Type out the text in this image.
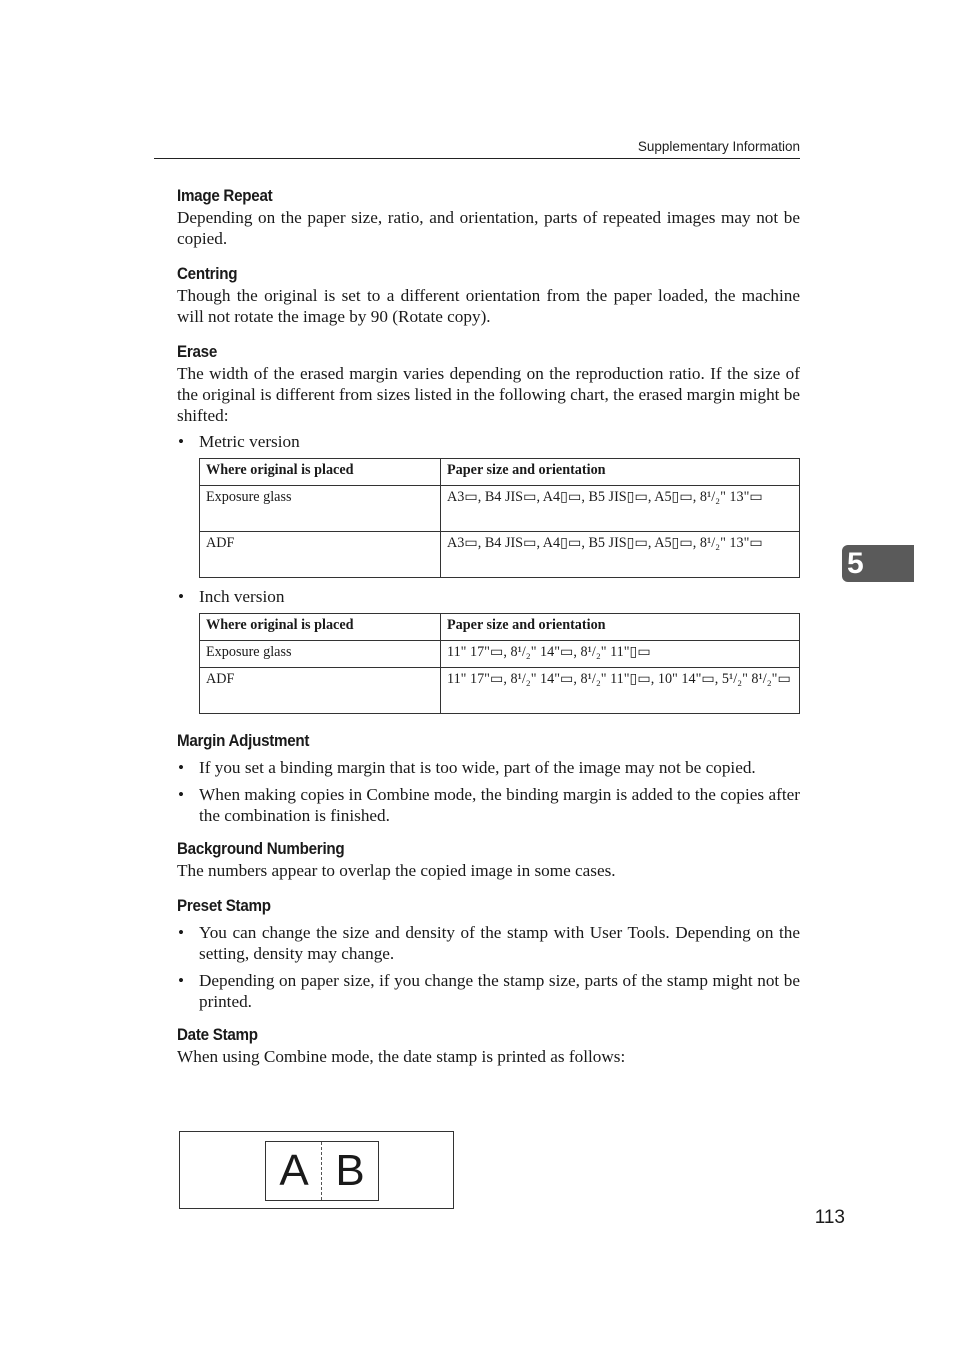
Supplementary Information
5
Image Repeat

Depending on the paper size, ratio, and orientation, parts of repeated images may not be copied.

Centring

Though the original is set to a different orientation from the paper loaded, the machine will not rotate the image by 90 (Rotate copy).

Erase

The width of the erased margin varies depending on the reproduction ratio. If the size of the original is different from sizes listed in the following chart, the erased margin might be shifted:

• Metric version
Where original is placed	Paper size and orientation
Exposure glass	A3▭, B4 JIS▭, A4▯▭, B5 JIS▯▭, A5▯▭, 8¹/₂" 13"▭
ADF	A3▭, B4 JIS▭, A4▯▭, B5 JIS▯▭, A5▯▭, 8¹/₂" 13"▭
• Inch version
Where original is placed	Paper size and orientation
Exposure glass	11" 17"▭, 8¹/₂" 14"▭, 8¹/₂" 11"▯▭
ADF	11" 17"▭, 8¹/₂" 14"▭, 8¹/₂" 11"▯▭, 10" 14"▭, 5¹/₂" 8¹/₂"▭
Margin Adjustment
• If you set a binding margin that is too wide, part of the image may not be copied.
• When making copies in Combine mode, the binding margin is added to the copies after the combination is finished.
Background Numbering

The numbers appear to overlap the copied image in some cases.

Preset Stamp
• You can change the size and density of the stamp with User Tools. Depending on the setting, density may change.
• Depending on paper size, if you change the stamp size, parts of the stamp might not be printed.
Date Stamp

When using Combine mode, the date stamp is printed as follows:

A B
113
